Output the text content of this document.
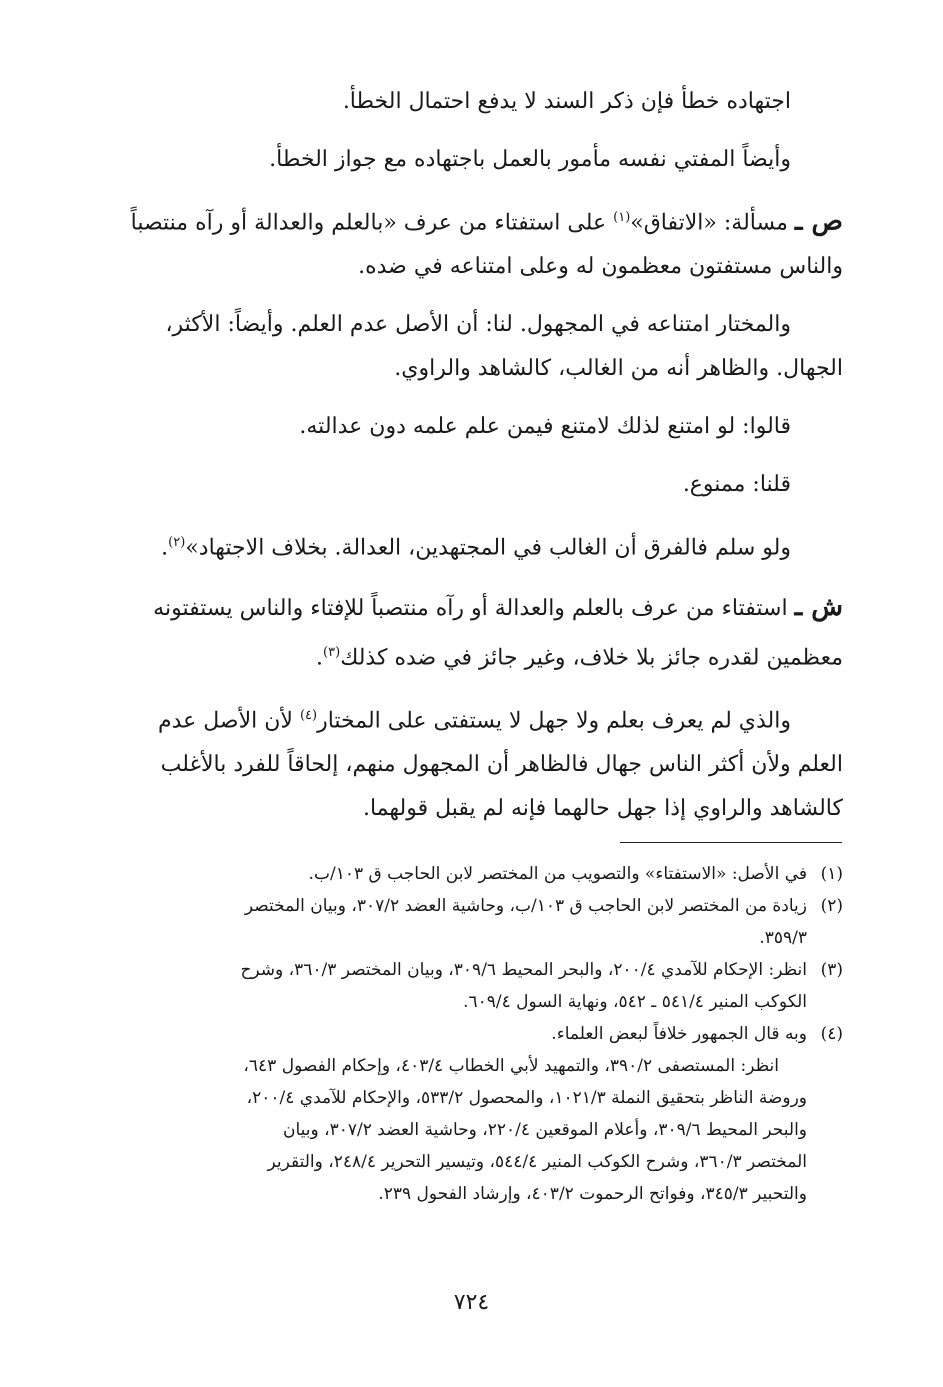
اجتهاده خطأ فإن ذكر السند لا يدفع احتمال الخطأ.

وأيضاً المفتي نفسه مأمور بالعمل باجتهاده مع جواز الخطأ.

ص ـ مسألة: «الاتفاق»$^{(١)}$ على استفتاء من عرف «بالعلم والعدالة أو رآه منتصباً
والناس مستفتون معظمون له وعلى امتناعه في ضده.

والمختار امتناعه في المجهول. لنا: أن الأصل عدم العلم. وأيضاً: الأكثر،
الجهال. والظاهر أنه من الغالب، كالشاهد والراوي.

قالوا: لو امتنع لذلك لامتنع فيمن علم علمه دون عدالته.

قلنا: ممنوع.

ولو سلم فالفرق أن الغالب في المجتهدين، العدالة. بخلاف الاجتهاد»$^{(٢)}$.

ش ـ استفتاء من عرف بالعلم والعدالة أو رآه منتصباً للإفتاء والناس يستفتونه
معظمين لقدره جائز بلا خلاف، وغير جائز في ضده كذلك$^{(٣)}$.

والذي لم يعرف بعلم ولا جهل لا يستفتى على المختار$^{(٤)}$ لأن الأصل عدم
العلم ولأن أكثر الناس جهال فالظاهر أن المجهول منهم، إلحاقاً للفرد بالأغلب
كالشاهد والراوي إذا جهل حالهما فإنه لم يقبل قولهما.

(١)
في الأصل: «الاستفتاء» والتصويب من المختصر لابن الحاجب ق ١٠٣/ب.
(٢)
زيادة من المختصر لابن الحاجب ق ١٠٣/ب، وحاشية العضد ٣٠٧/٢، وبيان المختصر
٣٥٩/٣.
(٣)
انظر: الإحكام للآمدي ٢٠٠/٤، والبحر المحيط ٣٠٩/٦، وبيان المختصر ٣٦٠/٣، وشرح
الكوكب المنير ٥٤١/٤ ـ ٥٤٢، ونهاية السول ٦٠٩/٤.
(٤)
وبه قال الجمهور خلافاً لبعض العلماء.
انظر: المستصفى ٣٩٠/٢، والتمهيد لأبي الخطاب ٤٠٣/٤، وإحكام الفصول ٦٤٣،
وروضة الناظر بتحقيق النملة ١٠٢١/٣، والمحصول ٥٣٣/٢، والإحكام للآمدي ٢٠٠/٤،
والبحر المحيط ٣٠٩/٦، وأعلام الموقعين ٢٢٠/٤، وحاشية العضد ٣٠٧/٢، وبيان
المختصر ٣٦٠/٣، وشرح الكوكب المنير ٥٤٤/٤، وتيسير التحرير ٢٤٨/٤، والتقرير
والتحبير ٣٤٥/٣، وفواتح الرحموت ٤٠٣/٢، وإرشاد الفحول ٢٣٩.
٧٢٤
